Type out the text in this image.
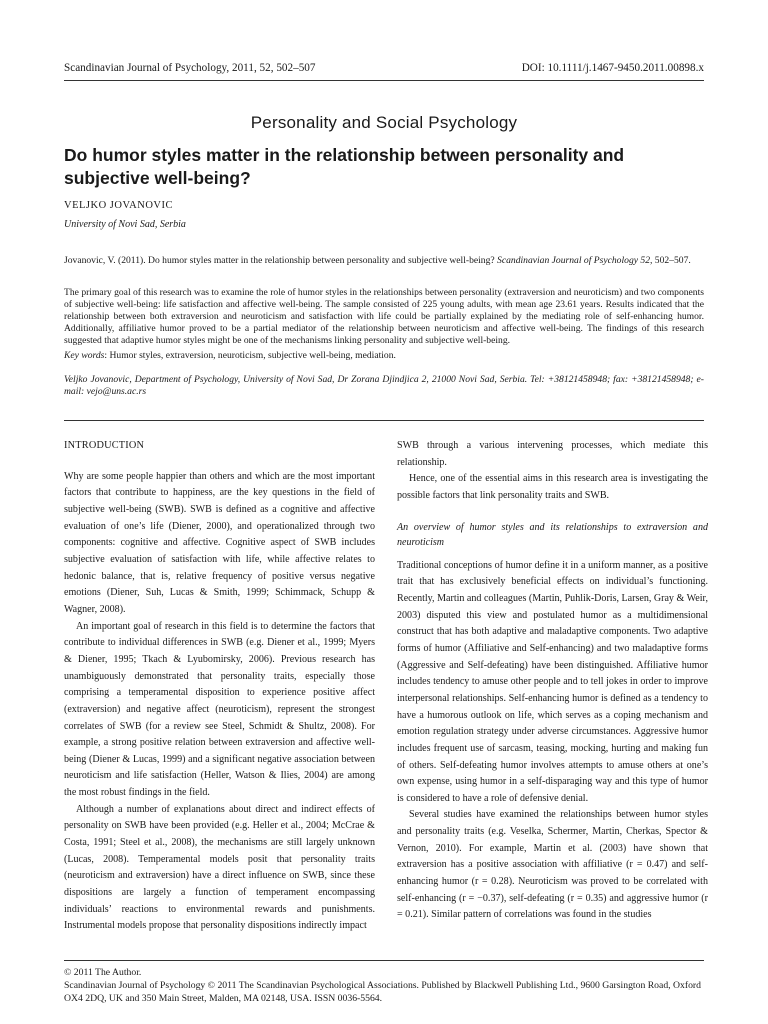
Scandinavian Journal of Psychology, 2011, 52, 502–507	DOI: 10.1111/j.1467-9450.2011.00898.x
Personality and Social Psychology
Do humor styles matter in the relationship between personality and subjective well-being?
VELJKO JOVANOVIC
University of Novi Sad, Serbia
Jovanovic, V. (2011). Do humor styles matter in the relationship between personality and subjective well-being? Scandinavian Journal of Psychology 52, 502–507.
The primary goal of this research was to examine the role of humor styles in the relationships between personality (extraversion and neuroticism) and two components of subjective well-being: life satisfaction and affective well-being. The sample consisted of 225 young adults, with mean age 23.61 years. Results indicated that the relationship between both extraversion and neuroticism and satisfaction with life could be partially explained by the mediating role of self-enhancing humor. Additionally, affiliative humor proved to be a partial mediator of the relationship between neuroticism and affective well-being. The findings of this research suggested that adaptive humor styles might be one of the mechanisms linking personality and subjective well-being.
Key words: Humor styles, extraversion, neuroticism, subjective well-being, mediation.
Veljko Jovanovic, Department of Psychology, University of Novi Sad, Dr Zorana Djindjica 2, 21000 Novi Sad, Serbia. Tel: +38121458948; fax: +38121458948; e-mail: vejo@uns.ac.rs
INTRODUCTION

Why are some people happier than others and which are the most important factors that contribute to happiness, are the key questions in the field of subjective well-being (SWB). SWB is defined as a cognitive and affective evaluation of one’s life (Diener, 2000), and operationalized through two components: cognitive and affective. Cognitive aspect of SWB includes subjective evaluation of satisfaction with life, while affective relates to hedonic balance, that is, relative frequency of positive versus negative emotions (Diener, Suh, Lucas & Smith, 1999; Schimmack, Schupp & Wagner, 2008).

An important goal of research in this field is to determine the factors that contribute to individual differences in SWB (e.g. Diener et al., 1999; Myers & Diener, 1995; Tkach & Lyubomirsky, 2006). Previous research has unambiguously demonstrated that personality traits, especially those comprising a temperamental disposition to experience positive affect (extraversion) and negative affect (neuroticism), represent the strongest correlates of SWB (for a review see Steel, Schmidt & Shultz, 2008). For example, a strong positive relation between extraversion and affective well-being (Diener & Lucas, 1999) and a significant negative association between neuroticism and life satisfaction (Heller, Watson & Ilies, 2004) are among the most robust findings in the field.

Although a number of explanations about direct and indirect effects of personality on SWB have been provided (e.g. Heller et al., 2004; McCrae & Costa, 1991; Steel et al., 2008), the mechanisms are still largely unknown (Lucas, 2008). Temperamental models posit that personality traits (neuroticism and extraversion) have a direct influence on SWB, since these dispositions are largely a function of temperament encompassing individuals’ reactions to environmental rewards and punishments. Instrumental models propose that personality dispositions indirectly impact

SWB through a various intervening processes, which mediate this relationship.

Hence, one of the essential aims in this research area is investigating the possible factors that link personality traits and SWB.

An overview of humor styles and its relationships to extraversion and neuroticism

Traditional conceptions of humor define it in a uniform manner, as a positive trait that has exclusively beneficial effects on individual’s functioning. Recently, Martin and colleagues (Martin, Puhlik-Doris, Larsen, Gray & Weir, 2003) disputed this view and postulated humor as a multidimensional construct that has both adaptive and maladaptive components. Two adaptive forms of humor (Affiliative and Self-enhancing) and two maladaptive forms (Aggressive and Self-defeating) have been distinguished. Affiliative humor includes tendency to amuse other people and to tell jokes in order to improve interpersonal relationships. Self-enhancing humor is defined as a tendency to have a humorous outlook on life, which serves as a coping mechanism and emotion regulation strategy under adverse circumstances. Aggressive humor includes frequent use of sarcasm, teasing, mocking, hurting and making fun of others. Self-defeating humor involves attempts to amuse others at one’s own expense, using humor in a self-disparaging way and this type of humor is considered to have a role of defensive denial.

Several studies have examined the relationships between humor styles and personality traits (e.g. Veselka, Schermer, Martin, Cherkas, Spector & Vernon, 2010). For example, Martin et al. (2003) have shown that extraversion has a positive association with affiliative (r = 0.47) and self-enhancing humor (r = 0.28). Neuroticism was proved to be correlated with self-enhancing (r = −0.37), self-defeating (r = 0.35) and aggressive humor (r = 0.21). Similar pattern of correlations was found in the studies

© 2011 The Author.
Scandinavian Journal of Psychology © 2011 The Scandinavian Psychological Associations. Published by Blackwell Publishing Ltd., 9600 Garsington Road, Oxford OX4 2DQ, UK and 350 Main Street, Malden, MA 02148, USA. ISSN 0036-5564.
